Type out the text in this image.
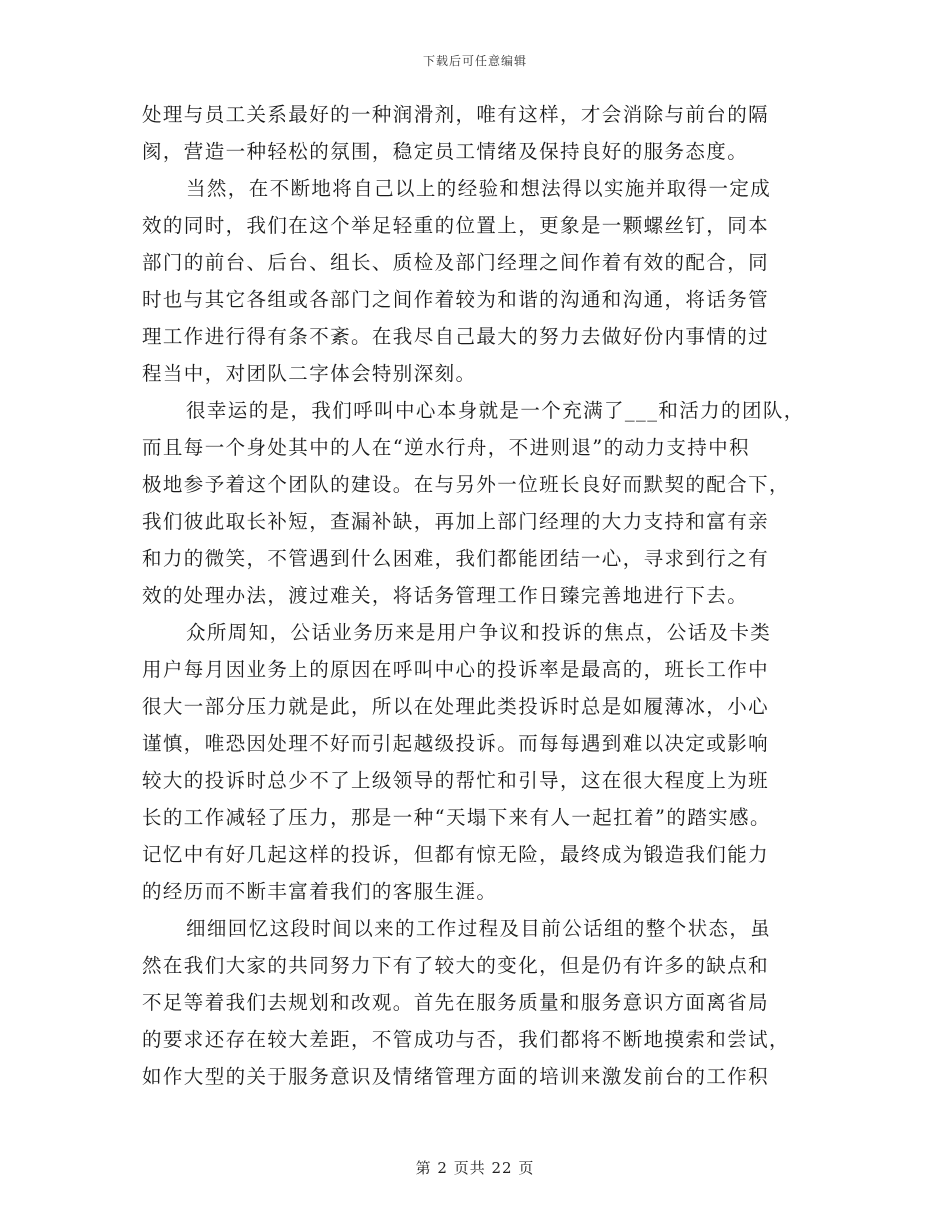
下载后可任意编辑
处理与员工关系最好的一种润滑剂，唯有这样，才会消除与前台的隔
阂，营造一种轻松的氛围，稳定员工情绪及保持良好的服务态度。
当然，在不断地将自己以上的经验和想法得以实施并取得一定成
效的同时，我们在这个举足轻重的位置上，更象是一颗螺丝钉，同本
部门的前台、后台、组长、质检及部门经理之间作着有效的配合，同
时也与其它各组或各部门之间作着较为和谐的沟通和沟通，将话务管
理工作进行得有条不紊。在我尽自己最大的努力去做好份内事情的过
程当中，对团队二字体会特别深刻。
很幸运的是，我们呼叫中心本身就是一个充满了___和活力的团队，
而且每一个身处其中的人在“逆水行舟，不进则退”的动力支持中积
极地参予着这个团队的建设。在与另外一位班长良好而默契的配合下，
我们彼此取长补短，查漏补缺，再加上部门经理的大力支持和富有亲
和力的微笑，不管遇到什么困难，我们都能团结一心，寻求到行之有
效的处理办法，渡过难关，将话务管理工作日臻完善地进行下去。
众所周知，公话业务历来是用户争议和投诉的焦点，公话及卡类
用户每月因业务上的原因在呼叫中心的投诉率是最高的，班长工作中
很大一部分压力就是此，所以在处理此类投诉时总是如履薄冰，小心
谨慎，唯恐因处理不好而引起越级投诉。而每每遇到难以决定或影响
较大的投诉时总少不了上级领导的帮忙和引导，这在很大程度上为班
长的工作减轻了压力，那是一种“天塌下来有人一起扛着”的踏实感。
记忆中有好几起这样的投诉，但都有惊无险，最终成为锻造我们能力
的经历而不断丰富着我们的客服生涯。
细细回忆这段时间以来的工作过程及目前公话组的整个状态，虽
然在我们大家的共同努力下有了较大的变化，但是仍有许多的缺点和
不足等着我们去规划和改观。首先在服务质量和服务意识方面离省局
的要求还存在较大差距，不管成功与否，我们都将不断地摸索和尝试，
如作大型的关于服务意识及情绪管理方面的培训来激发前台的工作积
第 2 页共 22 页
